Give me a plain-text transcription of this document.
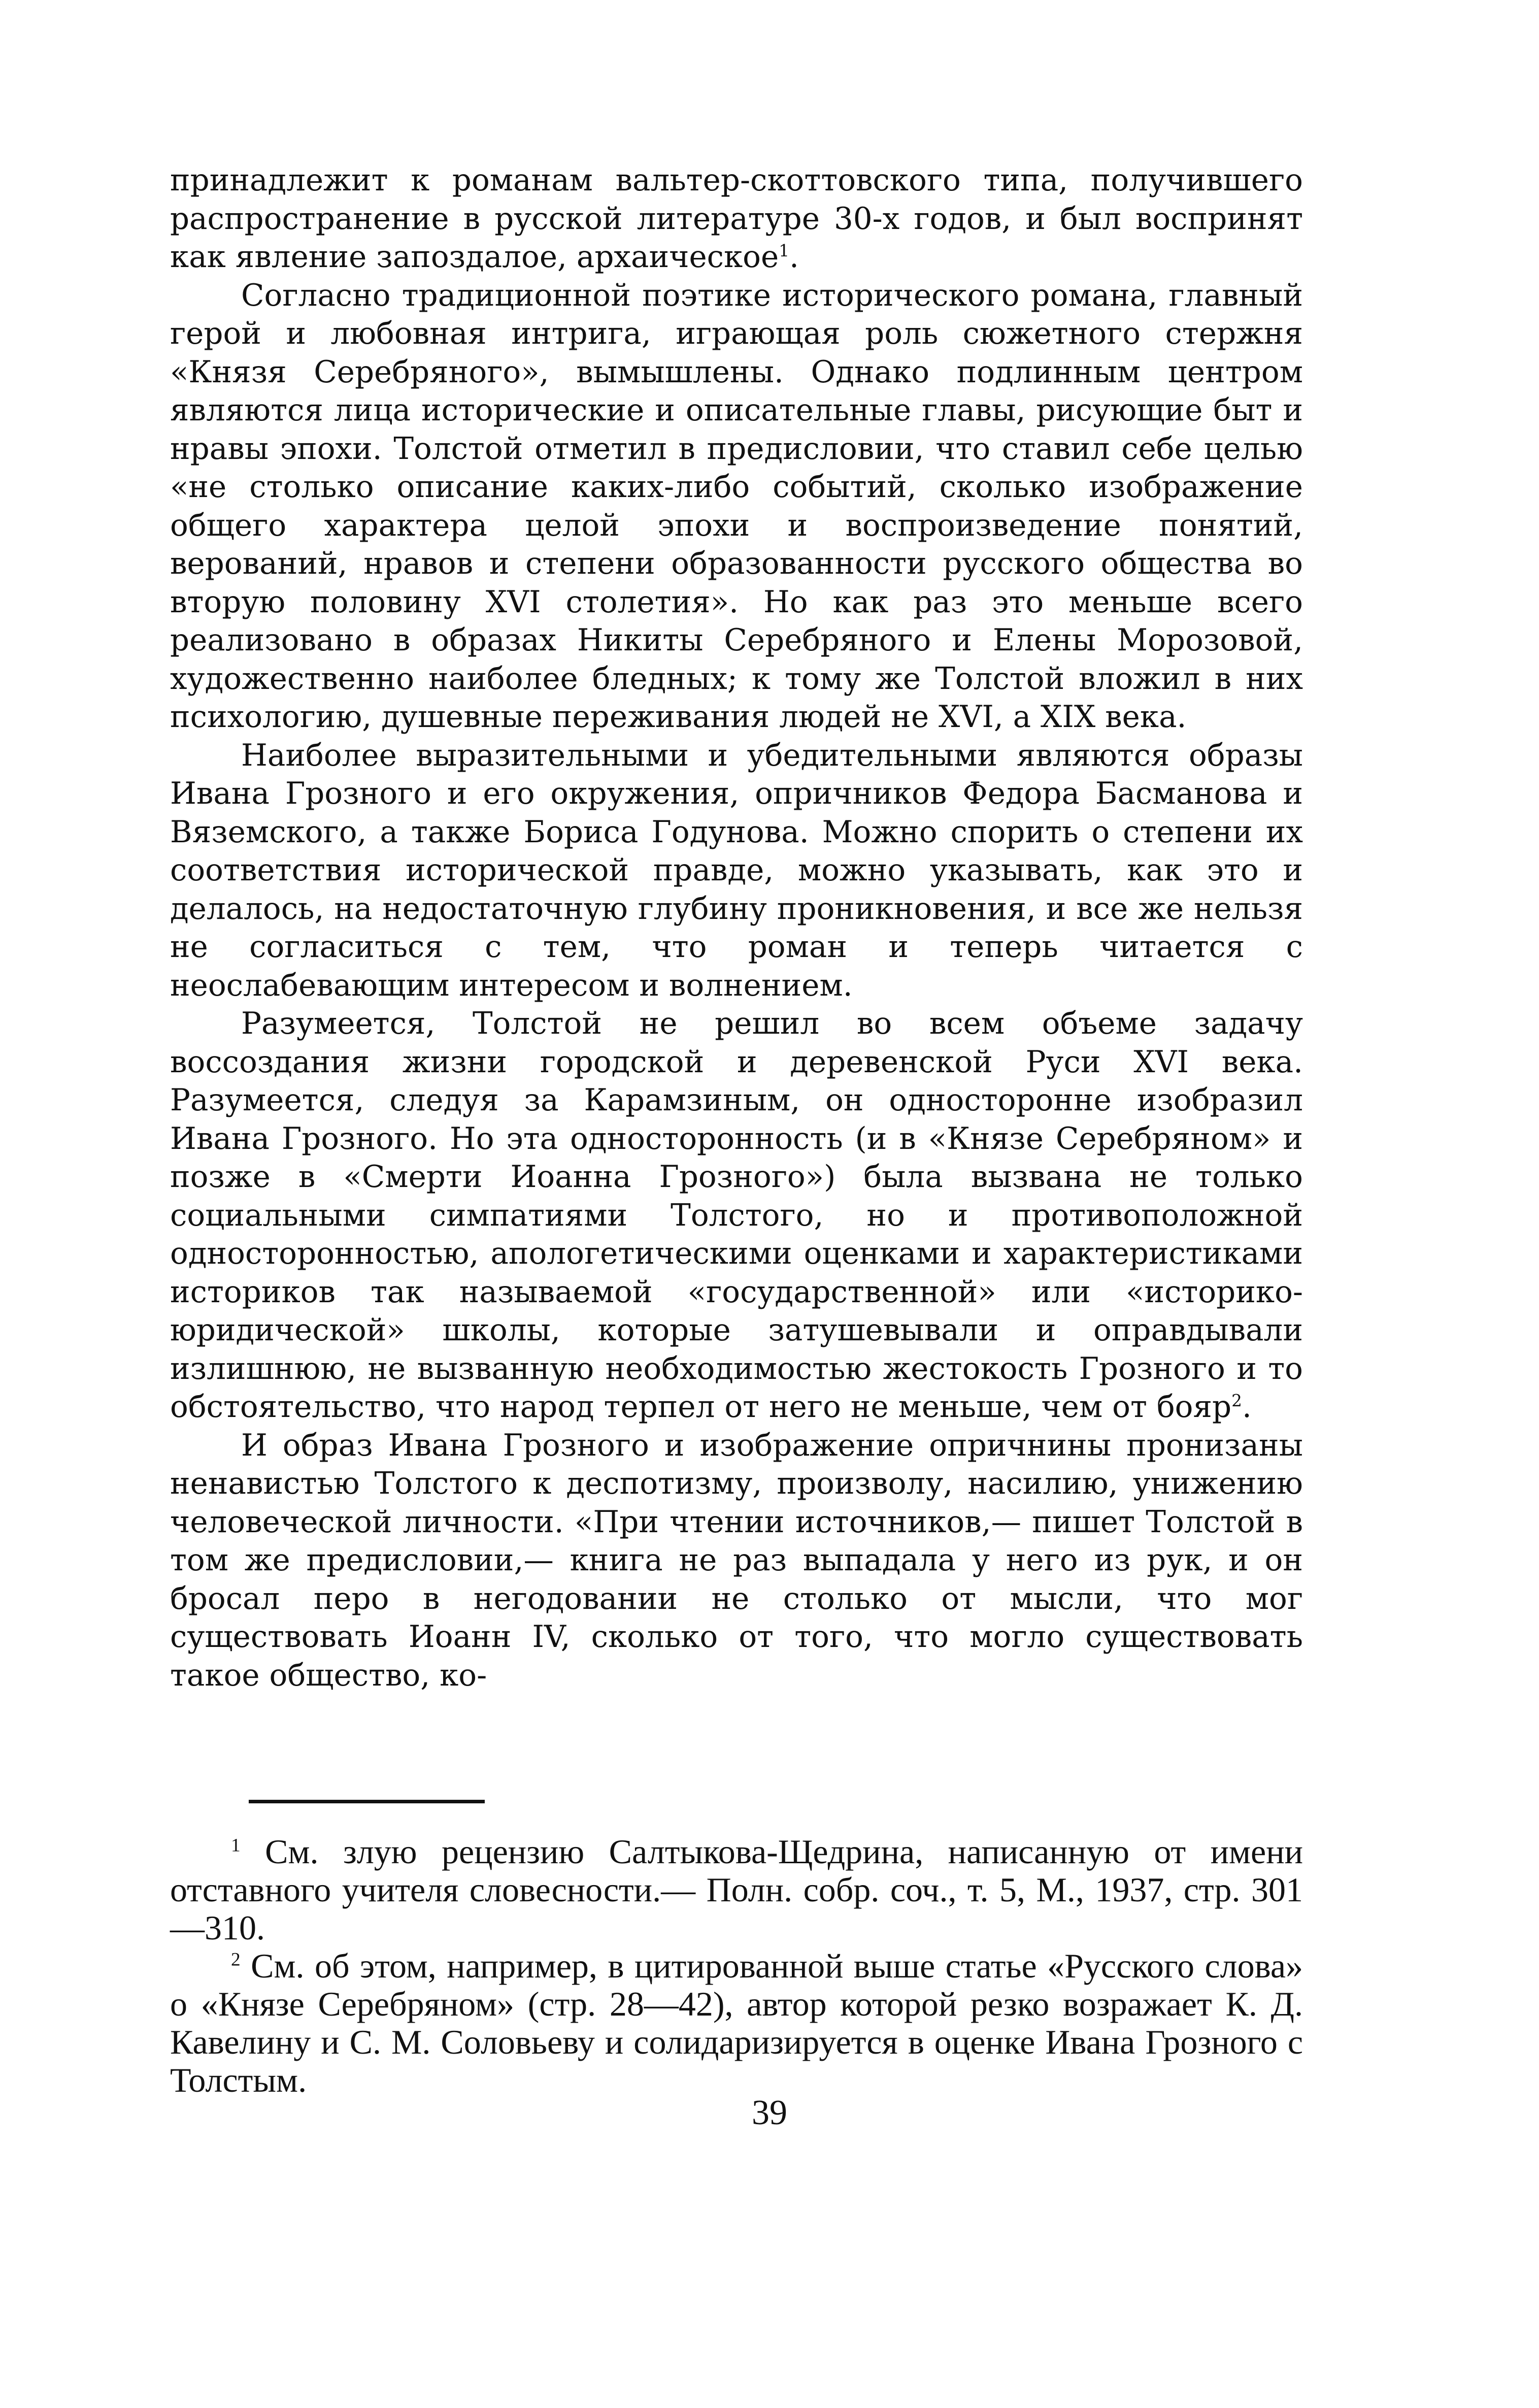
принадлежит к романам вальтер-скоттовского типа, получившего распространение в русской литературе 30-х годов, и был воспринят как явление запоздалое, архаическое$^1$.

Согласно традиционной поэтике исторического романа, главный герой и любовная интрига, играющая роль сюжетного стержня «Князя Серебряного», вымышлены. Однако подлинным центром являются лица исторические и описательные главы, рисующие быт и нравы эпохи. Толстой отметил в предисловии, что ставил себе целью «не столько описание каких-либо событий, сколько изображение общего характера целой эпохи и воспроизведение понятий, верований, нравов и степени образованности русского общества во вторую половину XVI столетия». Но как раз это меньше всего реализовано в образах Никиты Серебряного и Елены Морозовой, художественно наиболее бледных; к тому же Толстой вложил в них психологию, душевные переживания людей не XVI, а XIX века.

Наиболее выразительными и убедительными являются образы Ивана Грозного и его окружения, опричников Федора Басманова и Вяземского, а также Бориса Годунова. Можно спорить о степени их соответствия исторической правде, можно указывать, как это и делалось, на недостаточную глубину проникновения, и все же нельзя не согласиться с тем, что роман и теперь читается с неослабевающим интересом и волнением.

Разумеется, Толстой не решил во всем объеме задачу воссоздания жизни городской и деревенской Руси XVI века. Разумеется, следуя за Карамзиным, он односторонне изобразил Ивана Грозного. Но эта односторонность (и в «Князе Серебряном» и позже в «Смерти Иоанна Грозного») была вызвана не только социальными симпатиями Толстого, но и противоположной односторонностью, апологетическими оценками и характеристиками историков так называемой «государственной» или «историко-юридической» школы, которые затушевывали и оправдывали излишнюю, не вызванную необходимостью жестокость Грозного и то обстоятельство, что народ терпел от него не меньше, чем от бояр$^2$.

И образ Ивана Грозного и изображение опричнины пронизаны ненавистью Толстого к деспотизму, произволу, насилию, унижению человеческой личности. «При чтении источников,— пишет Толстой в том же предисловии,— книга не раз выпадала у него из рук, и он бросал перо в негодовании не столько от мысли, что мог существовать Иоанн IV, сколько от того, что могло существовать такое общество, ко-

$^1$ См. злую рецензию Салтыкова-Щедрина, написанную от имени отставного учителя словесности.— Полн. собр. соч., т. 5, М., 1937, стр. 301—310.

$^2$ См. об этом, например, в цитированной выше статье «Русского слова» о «Князе Серебряном» (стр. 28—42), автор которой резко возражает К. Д. Кавелину и С. М. Соловьеву и солидаризируется в оценке Ивана Грозного с Толстым.

39
